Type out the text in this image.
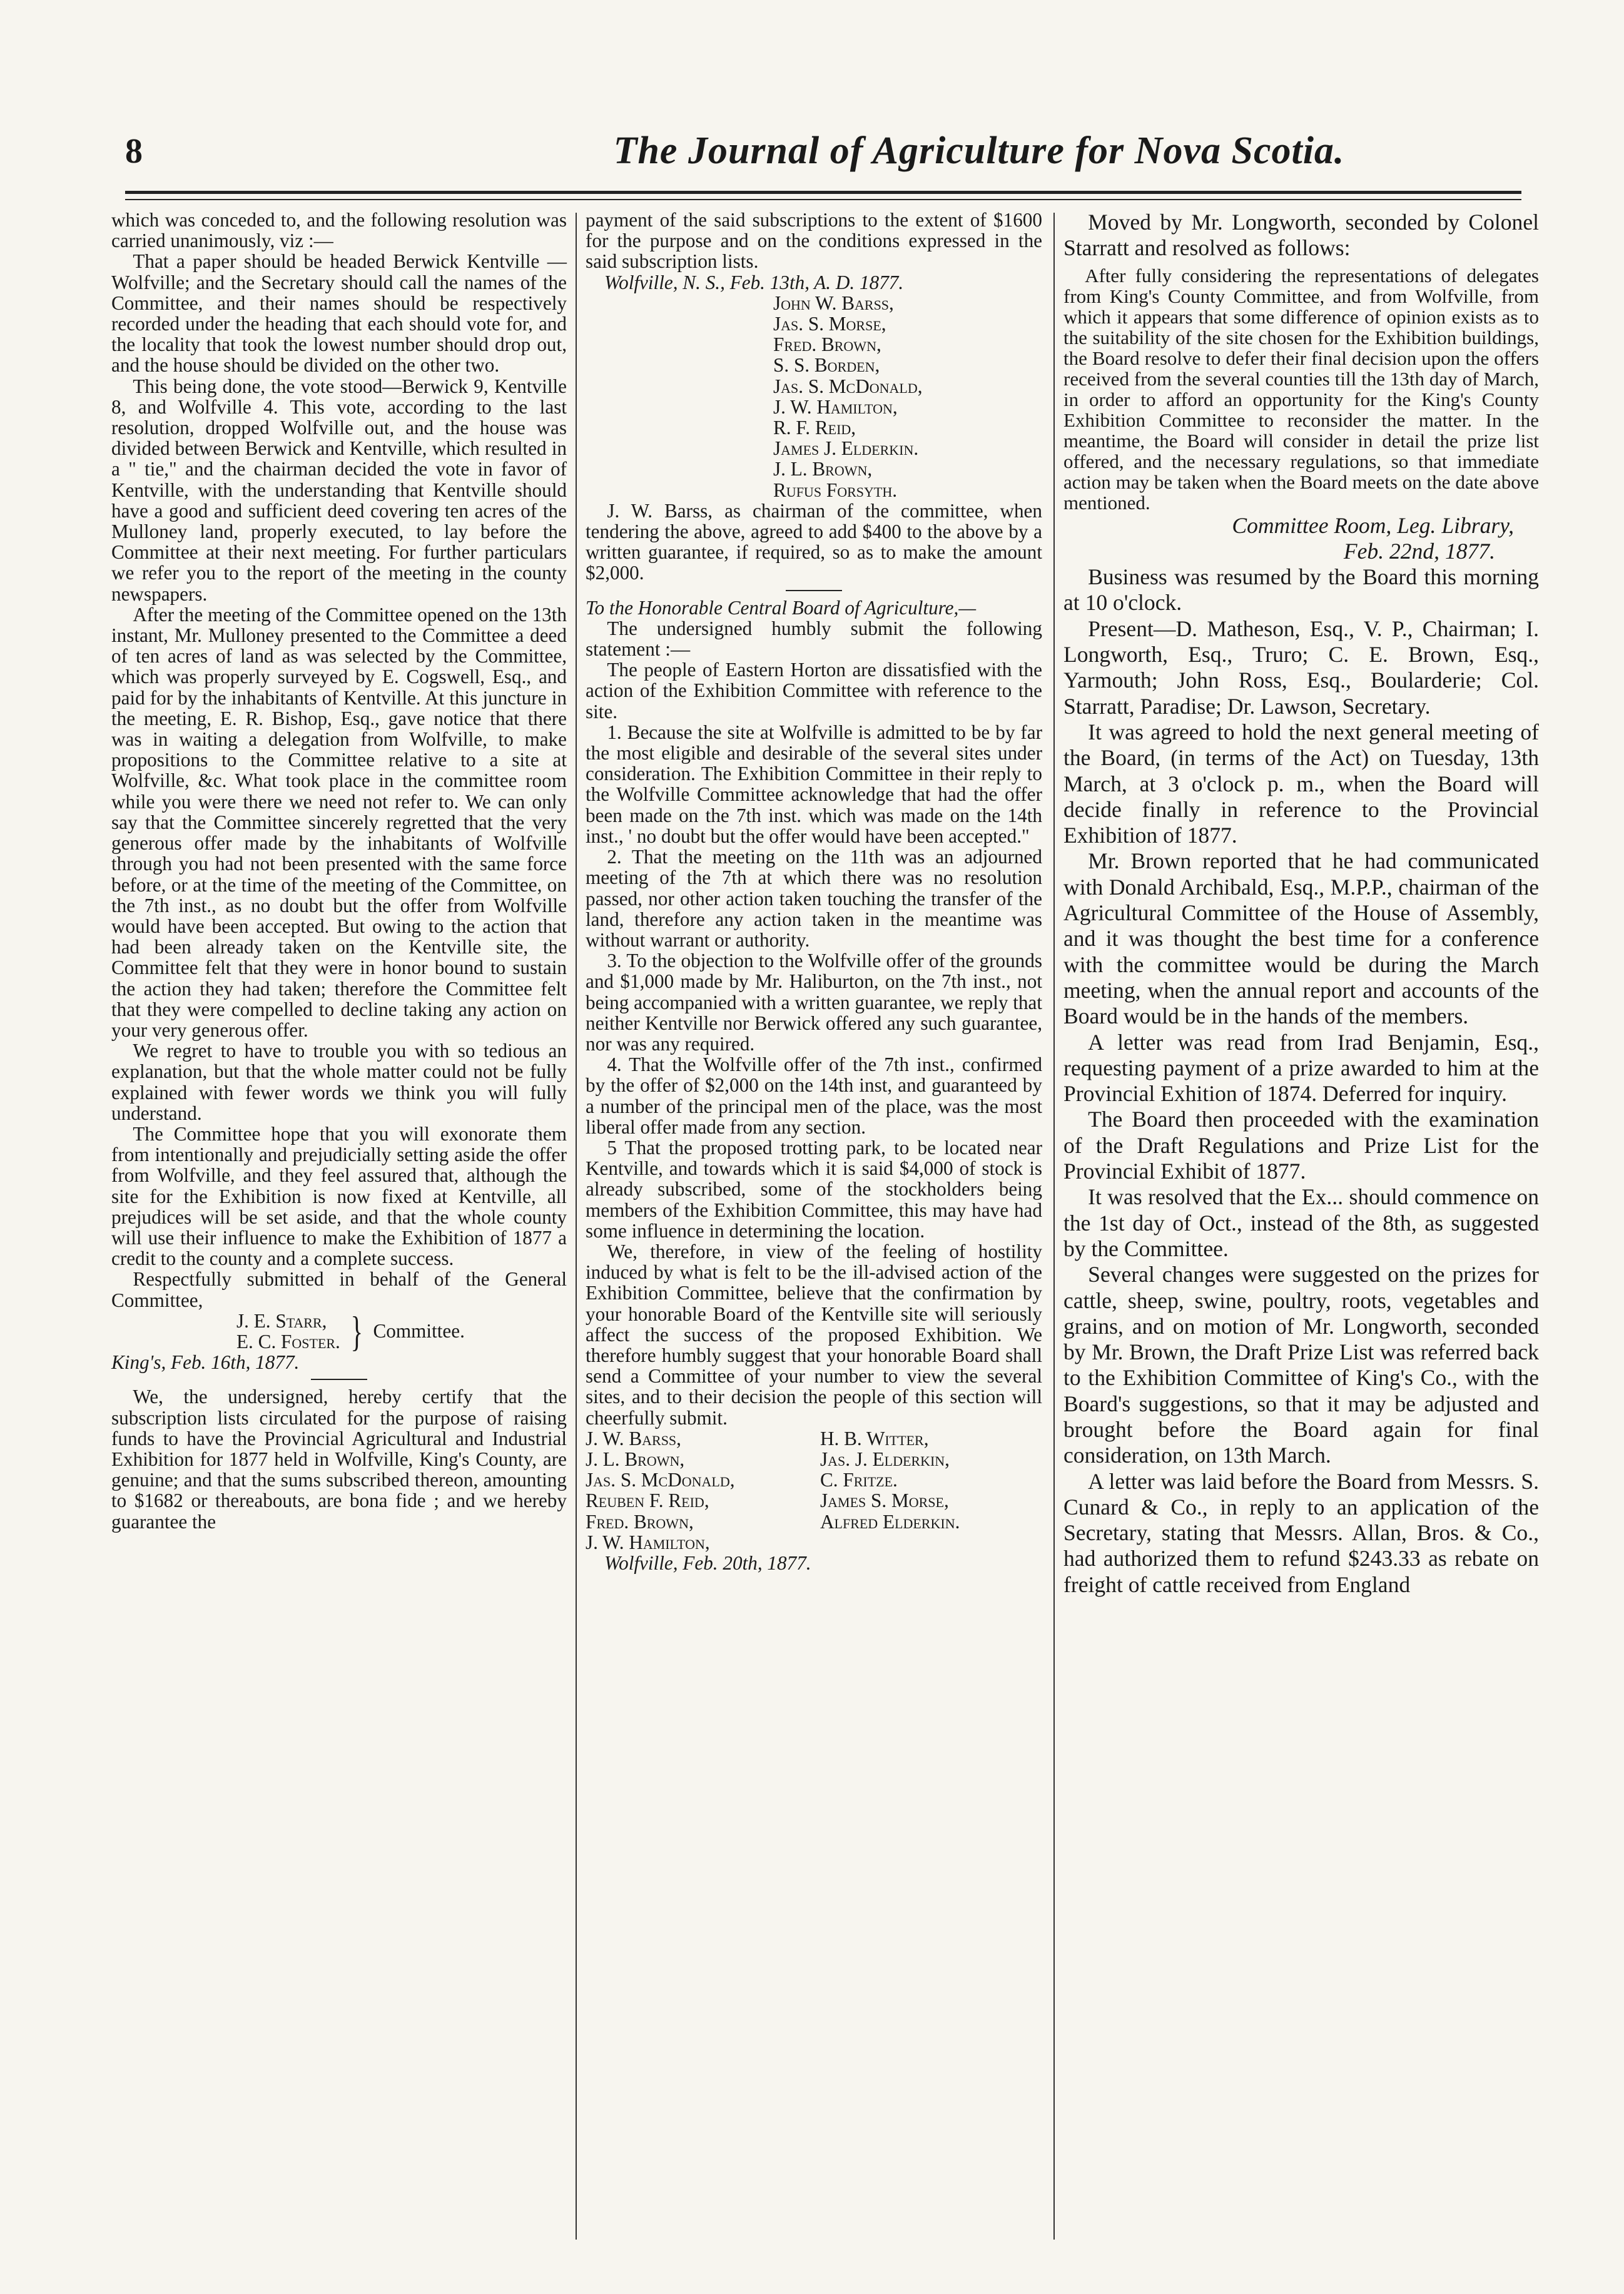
8	The Journal of Agriculture for Nova Scotia.

which was conceded to, and the following resolution was carried unanimously, viz :—

That a paper should be headed Berwick Kentville — Wolfville; and the Secretary should call the names of the Committee, and their names should be respectively recorded under the heading that each should vote for, and the locality that took the lowest number should drop out, and the house should be divided on the other two.

This being done, the vote stood—Berwick 9, Kentville 8, and Wolfville 4. This vote, according to the last resolution, dropped Wolfville out, and the house was divided between Berwick and Kentville, which resulted in a " tie," and the chairman decided the vote in favor of Kentville, with the understanding that Kentville should have a good and sufficient deed covering ten acres of the Mulloney land, properly executed, to lay before the Committee at their next meeting. For further particulars we refer you to the report of the meeting in the county newspapers.

After the meeting of the Committee opened on the 13th instant, Mr. Mulloney presented to the Committee a deed of ten acres of land as was selected by the Committee, which was properly surveyed by E. Cogswell, Esq., and paid for by the inhabitants of Kentville. At this juncture in the meeting, E. R. Bishop, Esq., gave notice that there was in waiting a delegation from Wolfville, to make propositions to the Committee relative to a site at Wolfville, &c. What took place in the committee room while you were there we need not refer to. We can only say that the Committee sincerely regretted that the very generous offer made by the inhabitants of Wolfville through you had not been presented with the same force before, or at the time of the meeting of the Committee, on the 7th inst., as no doubt but the offer from Wolfville would have been accepted. But owing to the action that had been already taken on the Kentville site, the Committee felt that they were in honor bound to sustain the action they had taken; therefore the Committee felt that they were compelled to decline taking any action on your very generous offer.

We regret to have to trouble you with so tedious an explanation, but that the whole matter could not be fully explained with fewer words we think you will fully understand.

The Committee hope that you will exonorate them from intentionally and prejudicially setting aside the offer from Wolfville, and they feel assured that, although the site for the Exhibition is now fixed at Kentville, all prejudices will be set aside, and that the whole county will use their influence to make the Exhibition of 1877 a credit to the county and a complete success.

Respectfully submitted in behalf of the General Committee,

J. E. Starr,
E. C. Foster. } Committee.

King's, Feb. 16th, 1877.

We, the undersigned, hereby certify that the subscription lists circulated for the purpose of raising funds to have the Provincial Agricultural and Industrial Exhibition for 1877 held in Wolfville, King's County, are genuine; and that the sums subscribed thereon, amounting to $1682 or thereabouts, are bona fide ; and we hereby guarantee the

payment of the said subscriptions to the extent of $1600 for the purpose and on the conditions expressed in the said subscription lists.

Wolfville, N. S., Feb. 13th, A. D. 1877.

John W. Barss,
Jas. S. Morse,
Fred. Brown,
S. S. Borden,
Jas. S. McDonald,
J. W. Hamilton,
R. F. Reid,
James J. Elderkin.
J. L. Brown,
Rufus Forsyth.

J. W. Barss, as chairman of the committee, when tendering the above, agreed to add $400 to the above by a written guarantee, if required, so as to make the amount $2,000.

To the Honorable Central Board of Agriculture,—

The undersigned humbly submit the following statement :—

The people of Eastern Horton are dissatisfied with the action of the Exhibition Committee with reference to the site.

1. Because the site at Wolfville is admitted to be by far the most eligible and desirable of the several sites under consideration. The Exhibition Committee in their reply to the Wolfville Committee acknowledge that had the offer been made on the 7th inst. which was made on the 14th inst., ' no doubt but the offer would have been accepted."

2. That the meeting on the 11th was an adjourned meeting of the 7th at which there was no resolution passed, nor other action taken touching the transfer of the land, therefore any action taken in the meantime was without warrant or authority.

3. To the objection to the Wolfville offer of the grounds and $1,000 made by Mr. Haliburton, on the 7th inst., not being accompanied with a written guarantee, we reply that neither Kentville nor Berwick offered any such guarantee, nor was any required.

4. That the Wolfville offer of the 7th inst., confirmed by the offer of $2,000 on the 14th inst, and guaranteed by a number of the principal men of the place, was the most liberal offer made from any section.

5 That the proposed trotting park, to be located near Kentville, and towards which it is said $4,000 of stock is already subscribed, some of the stockholders being members of the Exhibition Committee, this may have had some influence in determining the location.

We, therefore, in view of the feeling of hostility induced by what is felt to be the ill-advised action of the Exhibition Committee, believe that the confirmation by your honorable Board of the Kentville site will seriously affect the success of the proposed Exhibition. We therefore humbly suggest that your honorable Board shall send a Committee of your number to view the several sites, and to their decision the people of this section will cheerfully submit.

J. W. Barss,	H. B. Witter,
J. L. Brown,	Jas. J. Elderkin,
Jas. S. McDonald,	C. Fritze.
Reuben F. Reid,	James S. Morse,
Fred. Brown,	Alfred Elderkin.
J. W. Hamilton,

Wolfville, Feb. 20th, 1877.

Moved by Mr. Longworth, seconded by Colonel Starratt and resolved as follows:

After fully considering the representations of delegates from King's County Committee, and from Wolfville, from which it appears that some difference of opinion exists as to the suitability of the site chosen for the Exhibition buildings, the Board resolve to defer their final decision upon the offers received from the several counties till the 13th day of March, in order to afford an opportunity for the King's County Exhibition Committee to reconsider the matter. In the meantime, the Board will consider in detail the prize list offered, and the necessary regulations, so that immediate action may be taken when the Board meets on the date above mentioned.

Committee Room, Leg. Library,

Feb. 22nd, 1877.

Business was resumed by the Board this morning at 10 o'clock.

Present—D. Matheson, Esq., V. P., Chairman; I. Longworth, Esq., Truro; C. E. Brown, Esq., Yarmouth; John Ross, Esq., Boularderie; Col. Starratt, Paradise; Dr. Lawson, Secretary.

It was agreed to hold the next general meeting of the Board, (in terms of the Act) on Tuesday, 13th March, at 3 o'clock p. m., when the Board will decide finally in reference to the Provincial Exhibition of 1877.

Mr. Brown reported that he had communicated with Donald Archibald, Esq., M.P.P., chairman of the Agricultural Committee of the House of Assembly, and it was thought the best time for a conference with the committee would be during the March meeting, when the annual report and accounts of the Board would be in the hands of the members.

A letter was read from Irad Benjamin, Esq., requesting payment of a prize awarded to him at the Provincial Exhition of 1874. Deferred for inquiry.

The Board then proceeded with the examination of the Draft Regulations and Prize List for the Provincial Exhibit of 1877.

It was resolved that the Ex... should commence on the 1st day of Oct., instead of the 8th, as suggested by the Committee.

Several changes were suggested on the prizes for cattle, sheep, swine, poultry, roots, vegetables and grains, and on motion of Mr. Longworth, seconded by Mr. Brown, the Draft Prize List was referred back to the Exhibition Committee of King's Co., with the Board's suggestions, so that it may be adjusted and brought before the Board again for final consideration, on 13th March.

A letter was laid before the Board from Messrs. S. Cunard & Co., in reply to an application of the Secretary, stating that Messrs. Allan, Bros. & Co., had authorized them to refund $243.33 as rebate on freight of cattle received from England
